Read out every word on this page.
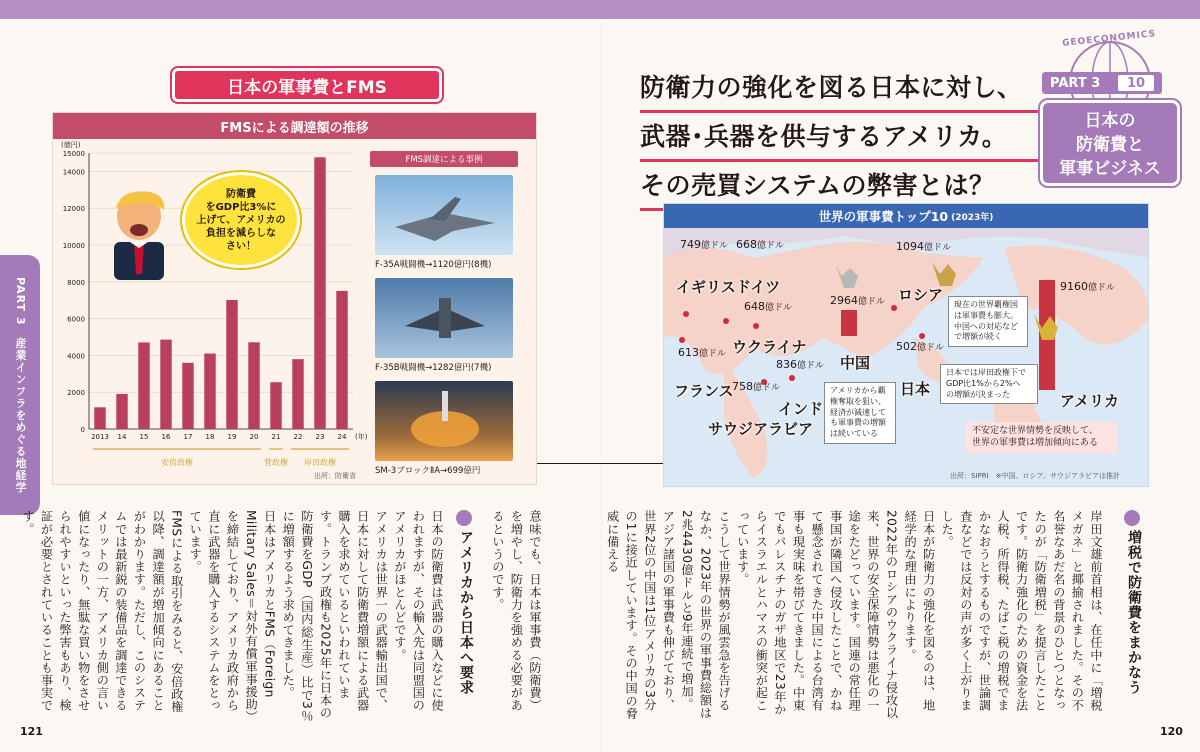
PART 3　産業インフラをめぐる地経学
日本の軍事費とFMS
FMSによる調達額の推移
(億円)
0
2000
4000
6000
8000
10000
12000
14000
15000
2013 14 15 16 17 18 19 20 21 22 23 24 (年)
安倍政権	菅政権 岸田政権
防衛費
をGDP比3%に
上げて、アメリカの
負担を減らしな
さい！
FMS調達による事例
F-35A戦闘機→1120億円(8機)
F-35B戦闘機→1282億円(7機)
SM-3ブロックⅡA→699億円
出所：防衛省
防衛力の強化を図る日本に対し、
武器･兵器を供与するアメリカ。
その売買システムの弊害とは？
GEOECONOMICS
PART 3	10
日本の
防衛費と
軍事ビジネス
世界の軍事費トップ10 (2023年)
749億ドル
イギリス
668億ドル
ドイツ
648億ドル
ウクライナ
613億ドル
フランス
758億ドル
サウジアラビア
836億ドル
インド
2964億ドル
中国
1094億ドル
ロシア
502億ドル
日本
9160億ドル
アメリカ
現在の世界覇権国
は軍事費も膨大。
中国への対応など
で増額が続く
日本では岸田政権下で
GDP比1%から2%へ
の増額が決まった
アメリカから覇
権奪取を狙い、
経済が減速して
も軍事費の増額
は続いている	不安定な世界情勢を反映して、
世界の軍事費は増加傾向にある
出所：SIPRI　※中国、ロシア、サウジアラビアは推計
増税で防衛費をまかなう
岸田文雄前首相は、在任中に「増税メガネ」と揶揄されました。その不名誉なあだ名の背景のひとつとなったのが「防衛増税」を提言したことです。防衛力強化のための資金を法人税、所得税、たばこ税の増税でまかなおうとするものですが、世論調査などでは反対の声が多く上がりました。
日本が防衛力の強化を図るのは、地経学的な理由によります。
2022年のロシアのウクライナ侵攻以来、世界の安全保障情勢は悪化の一途をたどっています。国連の常任理事国が隣国へ侵攻したことで、かねて懸念されてきた中国による台湾有事も現実味を帯びてきました。中東でもパレスチナのガザ地区で23年からイスラエルとハマスの衝突が起こっています。
こうして世界情勢が風雲急を告げるなか、2023年の世界の軍事費総額は2兆4430億ドルと9年連続で増加。アジア諸国の軍事費も伸びており、世界2位の中国は1位アメリカの3分の1に接近しています。その中国の脅威に備える
意味でも、日本は軍事費（防衛費）を増やし、防衛力を強める必要があるというのです。
アメリカから日本へ要求
日本の防衛費は武器の購入などに使われますが、その輸入先は同盟国のアメリカがほとんどです。
アメリカは世界一の武器輸出国で、日本に対して防衛費増額による武器購入を求めているといわれています。トランプ政権も2025年に日本の防衛費をGDP（国内総生産）比で3％に増額するよう求めてきました。
日本はアメリカとFMS（Foreign Military Sales＝対外有償軍事援助）を締結しており、アメリカ政府から直に武器を購入するシステムをとっています。
FMSによる取引をみると、安倍政権以降、調達額が増加傾向にあることがわかります。ただし、このシステムでは最新鋭の装備品を調達できるメリットの一方、アメリカ側の言い値になったり、無駄な買い物をさせられやすいといった弊害もあり、検証が必要とされていることも事実です。
121	120
